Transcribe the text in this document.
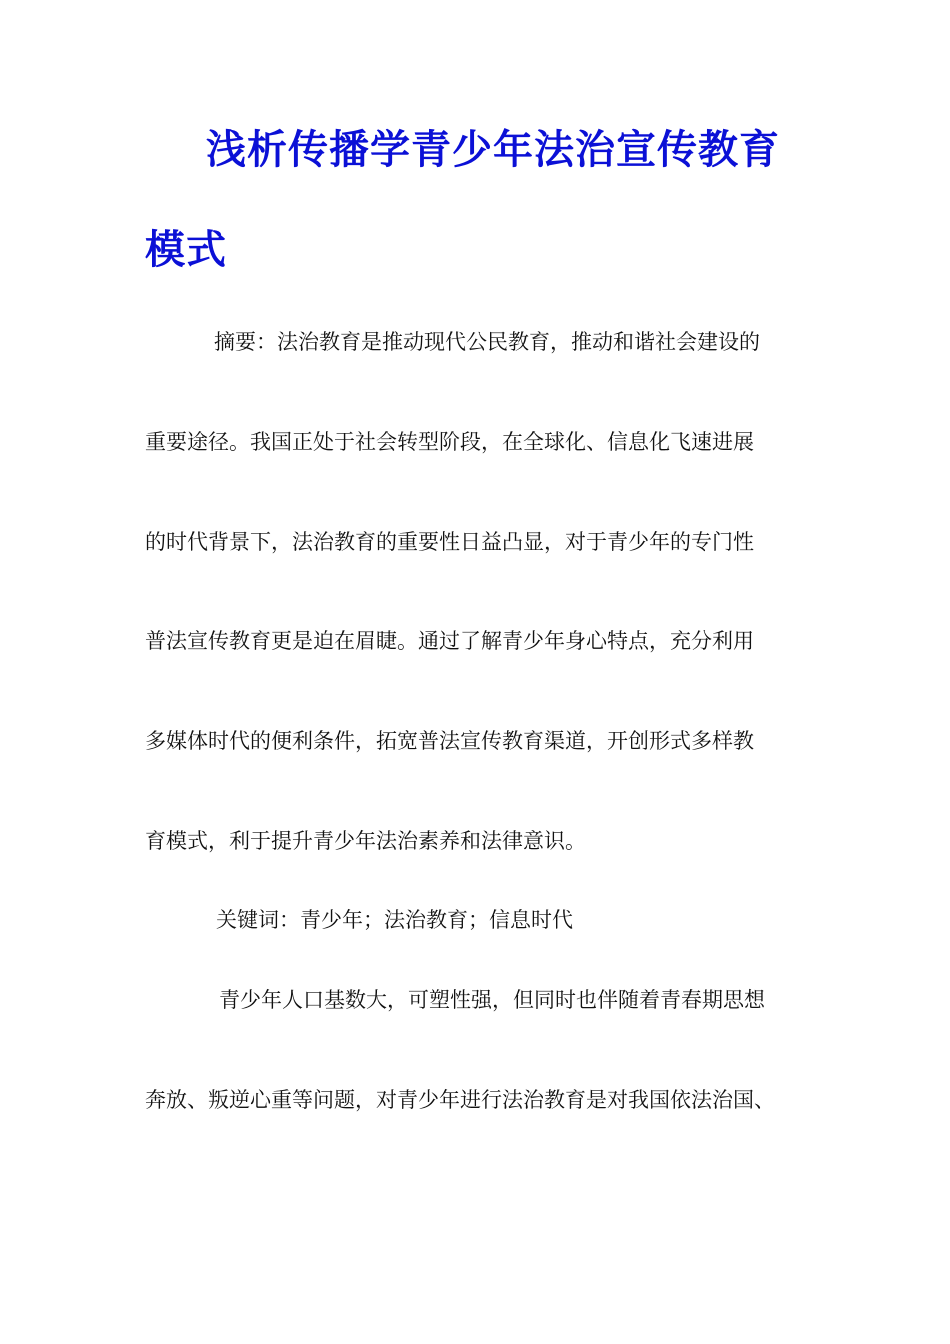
浅析传播学青少年法治宣传教育
模式
摘要：法治教育是推动现代公民教育，推动和谐社会建设的
重要途径。我国正处于社会转型阶段，在全球化、信息化飞速进展
的时代背景下，法治教育的重要性日益凸显，对于青少年的专门性
普法宣传教育更是迫在眉睫。通过了解青少年身心特点，充分利用
多媒体时代的便利条件，拓宽普法宣传教育渠道，开创形式多样教
育模式，利于提升青少年法治素养和法律意识。
关键词：青少年；法治教育；信息时代
青少年人口基数大，可塑性强，但同时也伴随着青春期思想
奔放、叛逆心重等问题，对青少年进行法治教育是对我国依法治国、
